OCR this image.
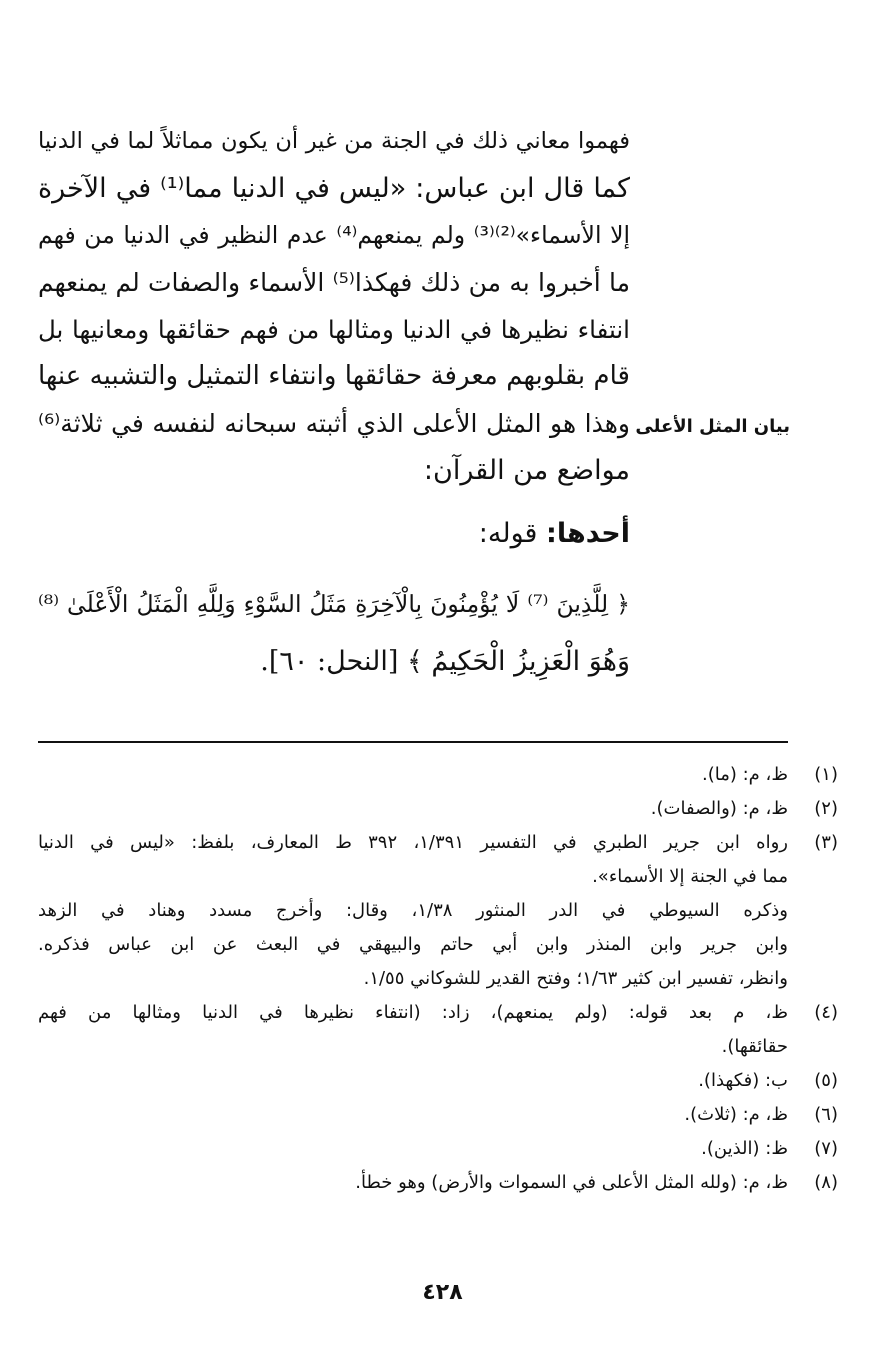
فهموا معاني ذلك في الجنة من غير أن يكون مماثلاً لما في الدنيا
كما قال ابن عباس: «ليس في الدنيا مما⁽¹⁾ في الآخرة
إلا الأسماء»⁽²⁾⁽³⁾ ولم يمنعهم⁽⁴⁾ عدم النظير في الدنيا من فهم
ما أخبروا به من ذلك فهكذا⁽⁵⁾ الأسماء والصفات لم يمنعهم
انتفاء نظيرها في الدنيا ومثالها من فهم حقائقها ومعانيها بل
قام بقلوبهم معرفة حقائقها وانتفاء التمثيل والتشبيه عنها
وهذا هو المثل الأعلى الذي أثبته سبحانه لنفسه في ثلاثة⁽⁶⁾
مواضع من القرآن:
بيان المثل الأعلى
أحدها: قوله:
﴿ لِلَّذِينَ ⁽⁷⁾ لَا يُؤْمِنُونَ بِالْآخِرَةِ مَثَلُ السَّوْءِ وَلِلَّهِ الْمَثَلُ الْأَعْلَىٰ ⁽⁸⁾
وَهُوَ الْعَزِيزُ الْحَكِيمُ ﴾ [النحل: ٦٠].
(١)
ظ، م: (ما).
(٢)
ظ، م: (والصفات).
(٣)
رواه ابن جرير الطبري في التفسير ١/٣٩١، ٣٩٢ ط المعارف، بلفظ: «ليس في الدنيا
مما في الجنة إلا الأسماء».
وذكره السيوطي في الدر المنثور ١/٣٨، وقال: وأخرج مسدد وهناد في الزهد
وابن جرير وابن المنذر وابن أبي حاتم والبيهقي في البعث عن ابن عباس فذكره.
وانظر، تفسير ابن كثير ١/٦٣؛ وفتح القدير للشوكاني ١/٥٥.
(٤)
ظ، م بعد قوله: (ولم يمنعهم)، زاد: (انتفاء نظيرها في الدنيا ومثالها من فهم
حقائقها).
(٥)
ب: (فكهذا).
(٦)
ظ، م: (ثلاث).
(٧)
ظ: (الذين).
(٨)
ظ، م: (ولله المثل الأعلى في السموات والأرض) وهو خطأ.
٤٢٨
